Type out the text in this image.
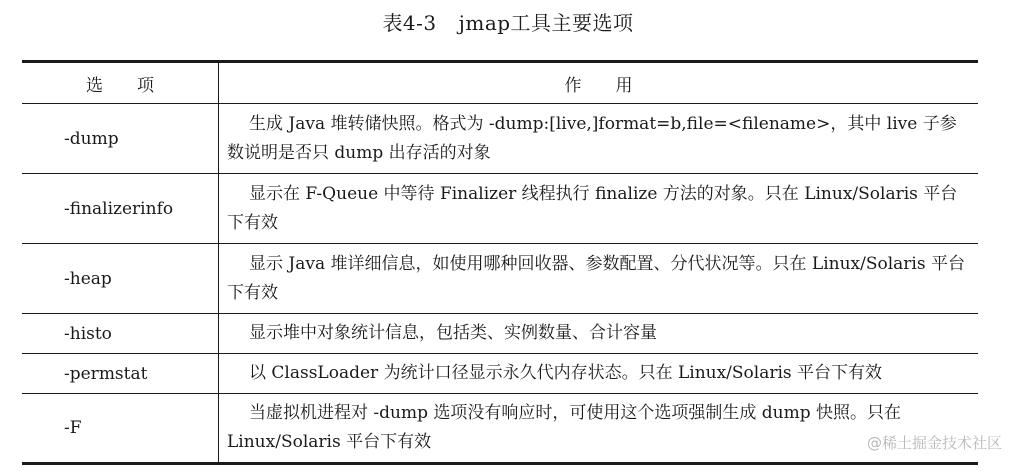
表4-3 jmap工具主要选项
选　　项	作　　用
-dump	生成 Java 堆转储快照。格式为 -dump:[live,]format=b,file=<filename>，其中 live 子参数说明是否只 dump 出存活的对象
-finalizerinfo	显示在 F-Queue 中等待 Finalizer 线程执行 finalize 方法的对象。只在 Linux/Solaris 平台下有效
-heap	显示 Java 堆详细信息，如使用哪种回收器、参数配置、分代状况等。只在 Linux/Solaris 平台下有效
-histo	显示堆中对象统计信息，包括类、实例数量、合计容量
-permstat	以 ClassLoader 为统计口径显示永久代内存状态。只在 Linux/Solaris 平台下有效
-F	当虚拟机进程对 -dump 选项没有响应时，可使用这个选项强制生成 dump 快照。只在 Linux/Solaris 平台下有效	@稀土掘金技术社区
